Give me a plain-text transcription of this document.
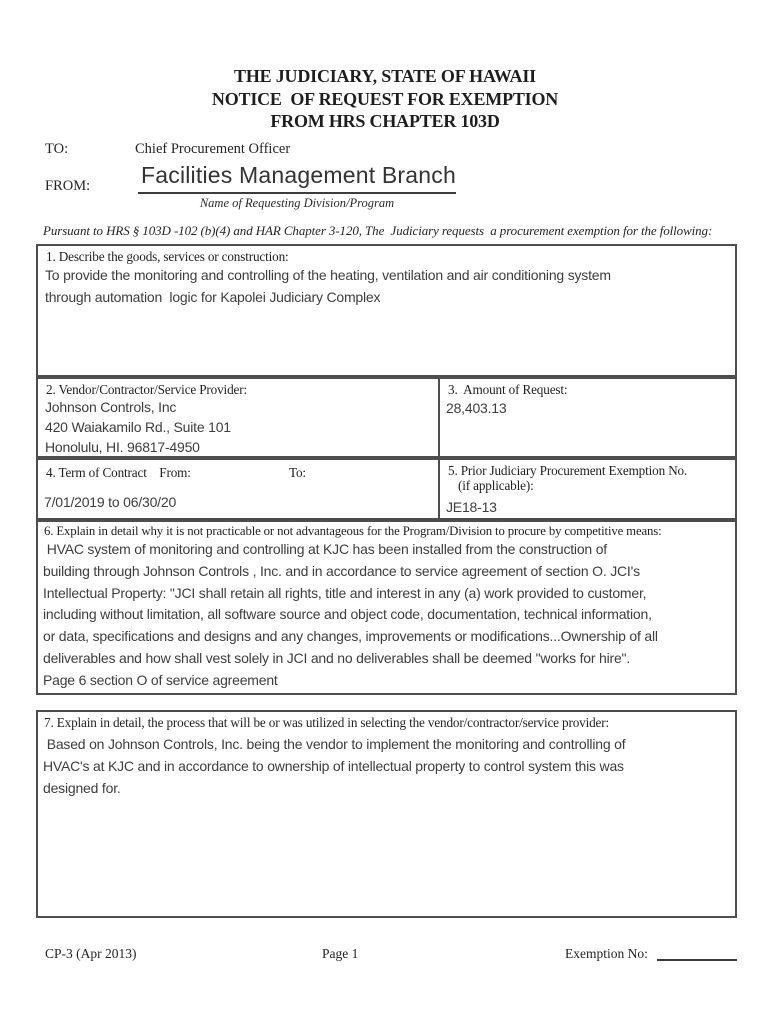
THE JUDICIARY, STATE OF HAWAII
NOTICE  OF REQUEST FOR EXEMPTION
FROM HRS CHAPTER 103D
TO:	Chief Procurement Officer
FROM: Facilities Management Branch
Name of Requesting Division/Program
Pursuant to HRS § 103D -102 (b)(4) and HAR Chapter 3-120, The  Judiciary requests  a procurement exemption for the following:
1. Describe the goods, services or construction:
To provide the monitoring and controlling of the heating, ventilation and air conditioning system
through automation  logic for Kapolei Judiciary Complex
2. Vendor/Contractor/Service Provider:
Johnson Controls, Inc
420 Waiakamilo Rd., Suite 101
Honolulu, HI. 96817-4950
3.  Amount of Request:
28,403.13
4. Term of Contract    From:	To:
7/01/2019 to 06/30/20
5. Prior Judiciary Procurement Exemption No.
(if applicable):
JE18-13
6. Explain in detail why it is not practicable or not advantageous for the Program/Division to procure by competitive means:
HVAC system of monitoring and controlling at KJC has been installed from the construction of
building through Johnson Controls , Inc. and in accordance to service agreement of section O. JCI's
Intellectual Property: "JCI shall retain all rights, title and interest in any (a) work provided to customer,
including without limitation, all software source and object code, documentation, technical information,
or data, specifications and designs and any changes, improvements or modifications...Ownership of all
deliverables and how shall vest solely in JCI and no deliverables shall be deemed "works for hire".
Page 6 section O of service agreement
7. Explain in detail, the process that will be or was utilized in selecting the vendor/contractor/service provider:
Based on Johnson Controls, Inc. being the vendor to implement the monitoring and controlling of
HVAC's at KJC and in accordance to ownership of intellectual property to control system this was
designed for.
CP-3 (Apr 2013)	Page 1	Exemption No:
